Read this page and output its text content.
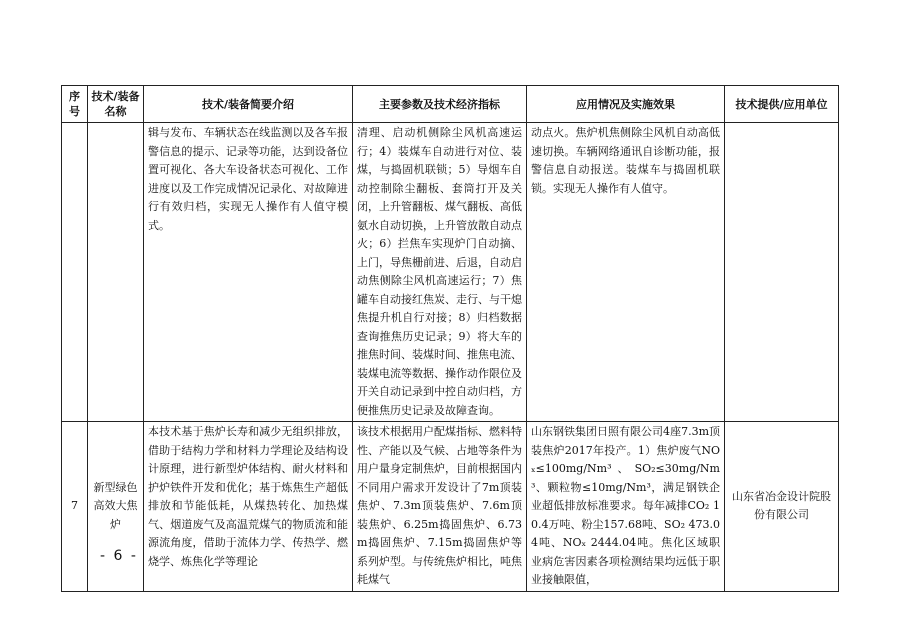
序号	技术/装备名称	技术/装备简要介绍	主要参数及技术经济指标	应用情况及实施效果	技术提供/应用单位
		辑与发布、车辆状态在线监测以及各车报警信息的提示、记录等功能，达到设备位置可视化、各大车设备状态可视化、工作进度以及工作完成情况记录化、对故障进行有效归档，实现无人操作有人值守模式。	清理、启动机侧除尘风机高速运行；4）装煤车自动进行对位、装煤，与捣固机联锁；5）导烟车自动控制除尘翻板、套筒打开及关闭，上升管翻板、煤气翻板、高低氨水自动切换，上升管放散自动点火；6）拦焦车实现炉门自动摘、上门，导焦栅前进、后退，自动启动焦侧除尘风机高速运行；7）焦罐车自动接红焦炭、走行、与干熄焦提升机自行对接；8）归档数据查询推焦历史记录；9）将大车的推焦时间、装煤时间、推焦电流、装煤电流等数据、操作动作限位及开关自动记录到中控自动归档，方便推焦历史记录及故障查询。	动点火。焦炉机焦侧除尘风机自动高低速切换。车辆网络通讯自诊断功能，报警信息自动报送。装煤车与捣固机联锁。实现无人操作有人值守。	
7	新型绿色高效大焦炉	本技术基于焦炉长寿和减少无组织排放，借助于结构力学和材料力学理论及结构设计原理，进行新型炉体结构、耐火材料和护炉铁件开发和优化；基于炼焦生产超低排放和节能低耗，从煤热转化、加热煤气、烟道废气及高温荒煤气的物质流和能源流角度，借助于流体力学、传热学、燃烧学、炼焦化学等理论	该技术根据用户配煤指标、燃料特性、产能以及气候、占地等条件为用户量身定制焦炉，目前根据国内不同用户需求开发设计了7m顶装焦炉、7.3m顶装焦炉、7.6m顶装焦炉、6.25m捣固焦炉、6.73m捣固焦炉、7.15m捣固焦炉等系列炉型。与传统焦炉相比，吨焦耗煤气	山东钢铁集团日照有限公司4座7.3m顶装焦炉2017年投产。1）焦炉废气NOₓ≤100mg/Nm³、SO₂≤30mg/Nm³、颗粒物≤10mg/Nm³，满足钢铁企业超低排放标准要求。每年减排CO₂ 10.4万吨、粉尘157.68吨、SO₂ 473.04吨、NOₓ 2444.04吨。焦化区域职业病危害因素各项检测结果均远低于职业接触限值，	山东省冶金设计院股份有限公司
- 6 -
